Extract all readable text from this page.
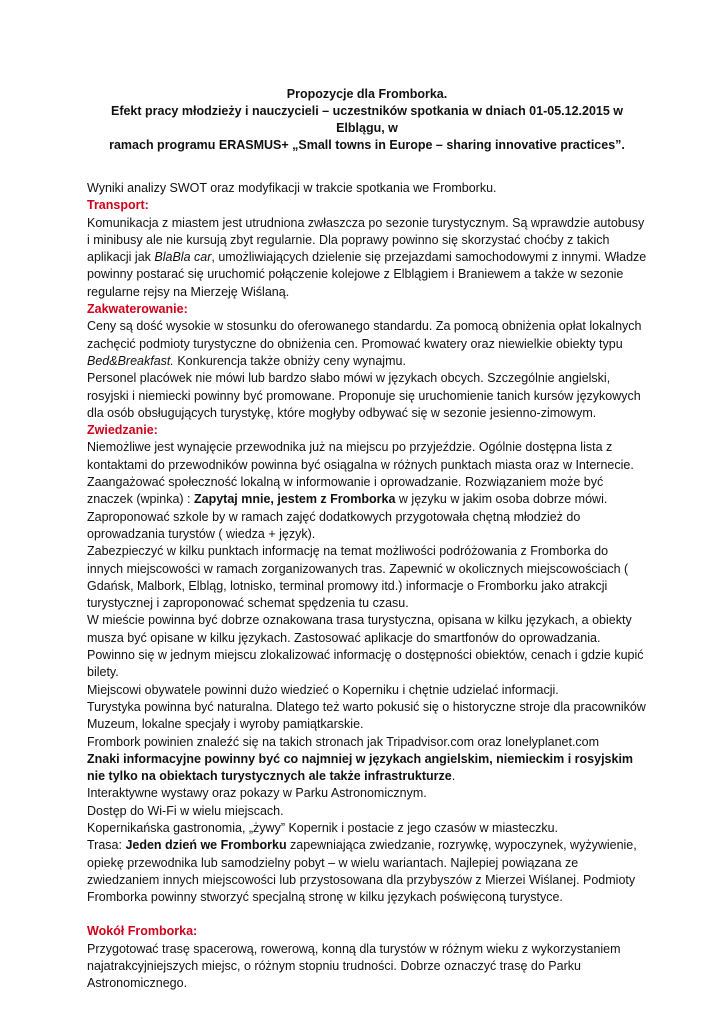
Propozycje dla Fromborka.
Efekt pracy młodzieży i nauczycieli – uczestników spotkania w dniach 01-05.12.2015 w Elblągu, w
ramach programu ERASMUS+ „Small towns in Europe – sharing innovative practices”.

Wyniki analizy SWOT oraz modyfikacji w trakcie spotkania we Fromborku.

Transport:

Komunikacja z miastem jest utrudniona zwłaszcza po sezonie turystycznym. Są wprawdzie autobusy i minibusy ale nie kursują zbyt regularnie. Dla poprawy powinno się skorzystać choćby z takich aplikacji jak BlaBla car, umożliwiających dzielenie się przejazdami samochodowymi z innymi. Władze powinny postarać się uruchomić połączenie kolejowe z Elblągiem i Braniewem a także w sezonie regularne rejsy na Mierzeję Wiślaną.

Zakwaterowanie:

Ceny są dość wysokie w stosunku do oferowanego standardu. Za pomocą obniżenia opłat lokalnych zachęcić podmioty turystyczne do obniżenia cen. Promować kwatery oraz niewielkie obiekty typu Bed&Breakfast. Konkurencja także obniży ceny wynajmu.

Personel placówek nie mówi lub bardzo słabo mówi w językach obcych. Szczególnie angielski, rosyjski i niemiecki powinny być promowane. Proponuje się uruchomienie tanich kursów językowych dla osób obsługujących turystykę, które mogłyby odbywać się w sezonie jesienno-zimowym.

Zwiedzanie:

Niemożliwe jest wynajęcie przewodnika już na miejscu po przyjeździe. Ogólnie dostępna lista z kontaktami do przewodników powinna być osiągalna w różnych punktach miasta oraz w Internecie.

Zaangażować społeczność lokalną w informowanie i oprowadzanie. Rozwiązaniem może być znaczek (wpinka) : Zapytaj mnie, jestem z Fromborka w języku w jakim osoba dobrze mówi.

Zaproponować szkole by w ramach zajęć dodatkowych przygotowała chętną młodzież do oprowadzania turystów ( wiedza + język).

Zabezpieczyć w kilku punktach informację na temat możliwości podróżowania z Fromborka do innych miejscowości w ramach zorganizowanych tras. Zapewnić w okolicznych miejscowościach ( Gdańsk, Malbork, Elbląg, lotnisko, terminal promowy itd.) informacje o Fromborku jako atrakcji turystycznej i zaproponować schemat spędzenia tu czasu.

W mieście powinna być dobrze oznakowana trasa turystyczna, opisana w kilku językach, a obiekty musza być opisane w kilku językach. Zastosować aplikacje do smartfonów do oprowadzania.

Powinno się w jednym miejscu zlokalizować informację o dostępności obiektów, cenach i gdzie kupić bilety.

Miejscowi obywatele powinni dużo wiedzieć o Koperniku i chętnie udzielać informacji.

Turystyka powinna być naturalna. Dlatego też warto pokusić się o historyczne stroje dla pracowników Muzeum, lokalne specjały i wyroby pamiątkarskie.

Frombork powinien znaleźć się na takich stronach jak Tripadvisor.com oraz lonelyplanet.com

Znaki informacyjne powinny być co najmniej w językach angielskim, niemieckim i rosyjskim nie tylko na obiektach turystycznych ale także infrastrukturze.

Interaktywne wystawy oraz pokazy w Parku Astronomicznym.

Dostęp do Wi-Fi w wielu miejscach.

Kopernikańska gastronomia, „żywy” Kopernik i postacie z jego czasów w miasteczku.

Trasa: Jeden dzień we Fromborku zapewniająca zwiedzanie, rozrywkę, wypoczynek, wyżywienie, opiekę przewodnika lub samodzielny pobyt – w wielu wariantach. Najlepiej powiązana ze zwiedzaniem innych miejscowości lub przystosowana dla przybyszów z Mierzei Wiślanej. Podmioty Fromborka powinny stworzyć specjalną stronę w kilku językach poświęconą turystyce.

Wokół Fromborka:

Przygotować trasę spacerową, rowerową, konną dla turystów w różnym wieku z wykorzystaniem najatrakcyjniejszych miejsc, o różnym stopniu trudności. Dobrze oznaczyć trasę do Parku Astronomicznego.
